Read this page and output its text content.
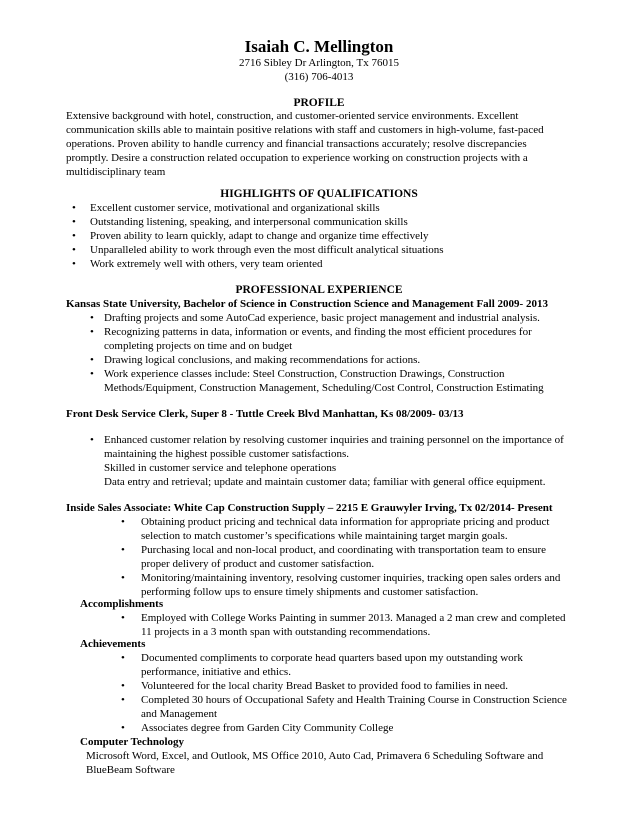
Isaiah C. Mellington
2716 Sibley Dr Arlington, Tx 76015
(316) 706-4013
PROFILE
Extensive background with hotel, construction, and customer-oriented service environments. Excellent
communication skills able to maintain positive relations with staff and customers in high-volume, fast-paced
operations. Proven ability to handle currency and financial transactions accurately; resolve discrepancies
promptly. Desire a construction related occupation to experience working on construction projects with a
multidisciplinary team
HIGHLIGHTS OF QUALIFICATIONS
• Excellent customer service, motivational and organizational skills
• Outstanding listening, speaking, and interpersonal communication skills
• Proven ability to learn quickly, adapt to change and organize time effectively
• Unparalleled ability to work through even the most difficult analytical situations
• Work extremely well with others, very team oriented
PROFESSIONAL EXPERIENCE
Kansas State University, Bachelor of Science in Construction Science and Management Fall 2009- 2013
• Drafting projects and some AutoCad experience, basic project management and industrial analysis.
• Recognizing patterns in data, information or events, and finding the most efficient procedures for
completing projects on time and on budget
• Drawing logical conclusions, and making recommendations for actions.
• Work experience classes include: Steel Construction, Construction Drawings, Construction
Methods/Equipment, Construction Management, Scheduling/Cost Control, Construction Estimating
Front Desk Service Clerk, Super 8 - Tuttle Creek Blvd Manhattan, Ks 08/2009- 03/13
• Enhanced customer relation by resolving customer inquiries and training personnel on the importance of
maintaining the highest possible customer satisfactions.
Skilled in customer service and telephone operations
Data entry and retrieval; update and maintain customer data; familiar with general office equipment.
Inside Sales Associate: White Cap Construction Supply – 2215 E Grauwyler Irving, Tx 02/2014- Present
• Obtaining product pricing and technical data information for appropriate pricing and product
selection to match customer’s specifications while maintaining target margin goals.
• Purchasing local and non-local product, and coordinating with transportation team to ensure
proper delivery of product and customer satisfaction.
• Monitoring/maintaining inventory, resolving customer inquiries, tracking open sales orders and
performing follow ups to ensure timely shipments and customer satisfaction.
Accomplishments
• Employed with College Works Painting in summer 2013. Managed a 2 man crew and completed
11 projects in a 3 month span with outstanding recommendations.
Achievements
• Documented compliments to corporate head quarters based upon my outstanding work
performance, initiative and ethics.
• Volunteered for the local charity Bread Basket to provided food to families in need.
• Completed 30 hours of Occupational Safety and Health Training Course in Construction Science
and Management
• Associates degree from Garden City Community College
Computer Technology
Microsoft Word, Excel, and Outlook, MS Office 2010, Auto Cad, Primavera 6 Scheduling Software and
BlueBeam Software
